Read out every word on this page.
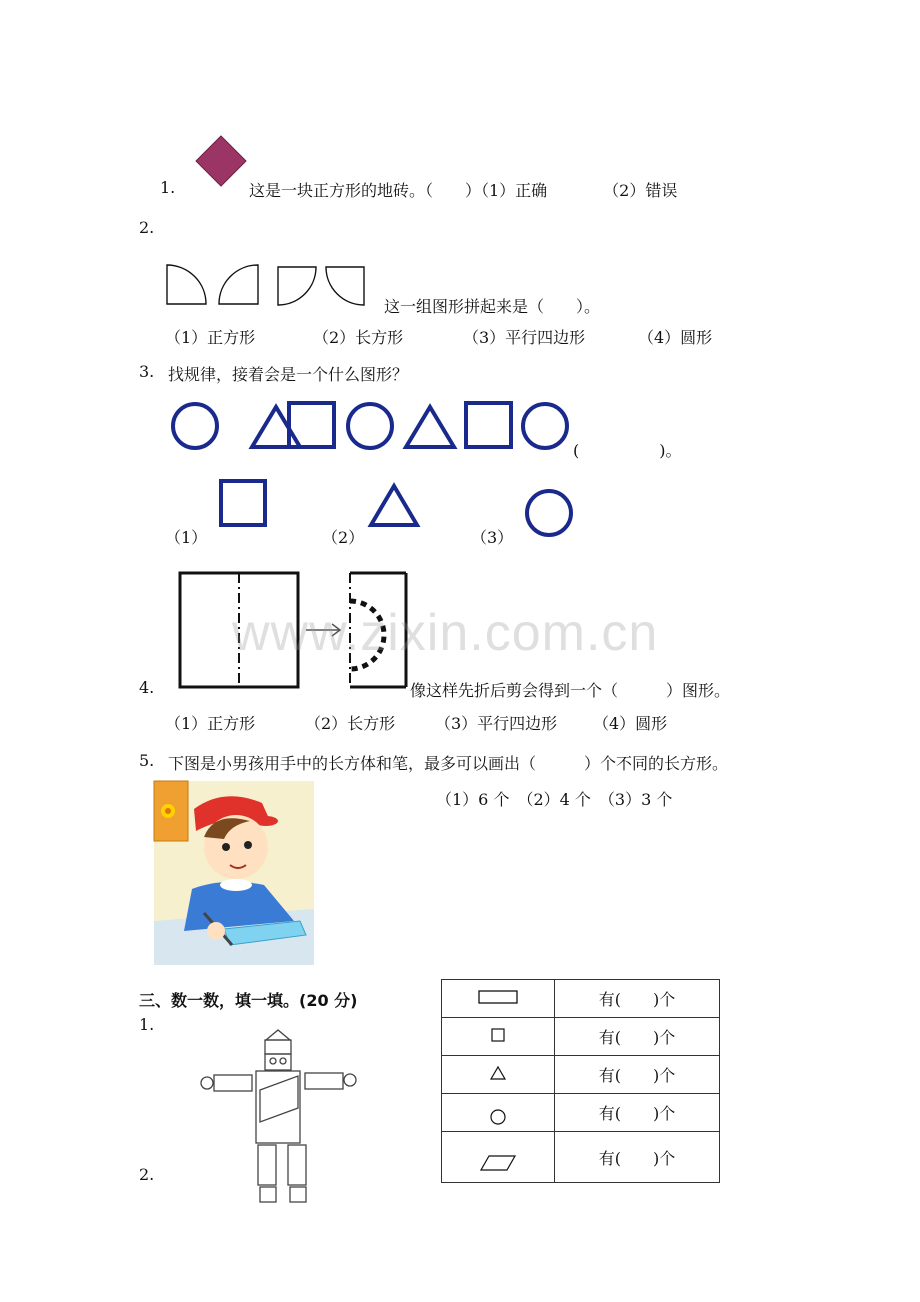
1.	这是一块正方形的地砖。（　　）（1）正确　　　　（2）错误
2.
这一组图形拼起来是（　　）。
（1）正方形	（2）长方形	（3）平行四边形	（4）圆形
3. 找规律，接着会是一个什么图形？
(　　　　　)。
（1）	（2）	（3）
www.zixin.com.cn
4.	像这样先折后剪会得到一个（　　　）图形。
（1）正方形	（2）长方形 （3）平行四边形 （4）圆形
5. 下图是小男孩用手中的长方体和笔，最多可以画出（　　　）个不同的长方形。
（1）6 个　（2）4 个　（3）3 个
三、数一数，填一填。(20 分)
1.
2.
	有(　　)个
	有(　　)个
	有(　　)个
	有(　　)个
	有(　　)个
